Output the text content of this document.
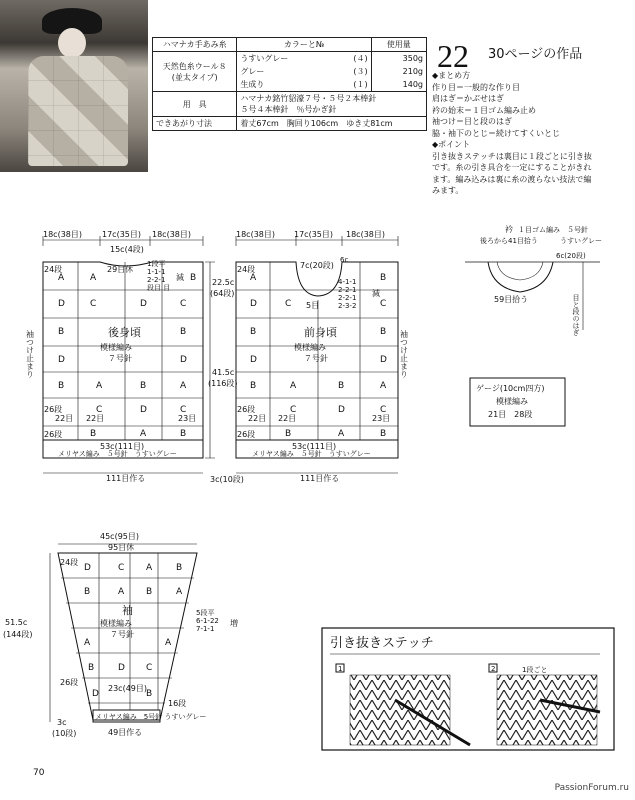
ハマナカ手あみ糸	カラーと№		使用量

天然色糸ウール８
(並太タイプ)	うすいグレー	(４)	350g
	グレー	(３)	210g
	生成り	(１)	140g
用　具	ハマナカ銘竹貂濠７号・５号２本棒針
５号４本棒針　％号かぎ針		

できあがり寸法	着丈67cm　胸回り106cm　ゆき丈81cm		
22 30ページの作品
◆まとめ方
作り目＝一般的な作り目
肩はぎ＝かぶせはぎ
衿の始末＝１目ゴム編み止め
袖つけ＝目と段のはぎ
脇・袖下のとじ＝続けてすくいとじ
◆ポイント
引き抜きステッチは裏目に１段ごとに引き抜
です。糸の引き具合を一定にすることがきれ
ます。編み込みは裏に糸の渡らない技法で編
みます。
18c(38目)	17c(35目) 18c(38目)
15c(4段)
29目休
1段平
1-1-1
2-2-1
段目 目
減
後身頃
模様編み
７号針
22.5c
(64段)
41.5c
(116段)
袖つけ止まり
24段
26段
22目 22目	23目
26段
53c(111目)
メリヤス編み　５号針　うすいグレー
111目作る	3c(10段)
18c(38目) 17c(35目) 18c(38目)
7c(20段)
6c
4-1-1
2-2-1
2-2-1
2-3-2
5目
減
前身頃
模様編み
７号針
24段
26段
22目 22目	23目
26段
53c(111目)
メリヤス編み　５号針　うすいグレー
111目作る
袖つけ止まり
衿 １目ゴム編み　５号針
後ろから41目拾う	うすいグレー
6c(20段)
59目拾う	目と段のはぎ
ゲージ(10cm四方)
模様編み
21目　28段
45c(95目)
95目休
24段
袖
模様編み
７号針
51.5c
(144段)
5段平
6-1-22
7-1-1
増
26段
23c(49目)
16段
メリヤス編み　5号針 うすいグレー
49目作る
3c
(10段)
引き抜きステッチ
1	2	1段ごと
A	A	B
D	C	D	C
B	B
D	D
B	A	B	A
C	D	C
B	A	B
A	B
D	C	C
B	B
D	D
B	A	B	A
C	D	C
B	A	B
D	C A	B
B	A B	A
A	A
B	D C
D	B
70
PassionForum.ru
